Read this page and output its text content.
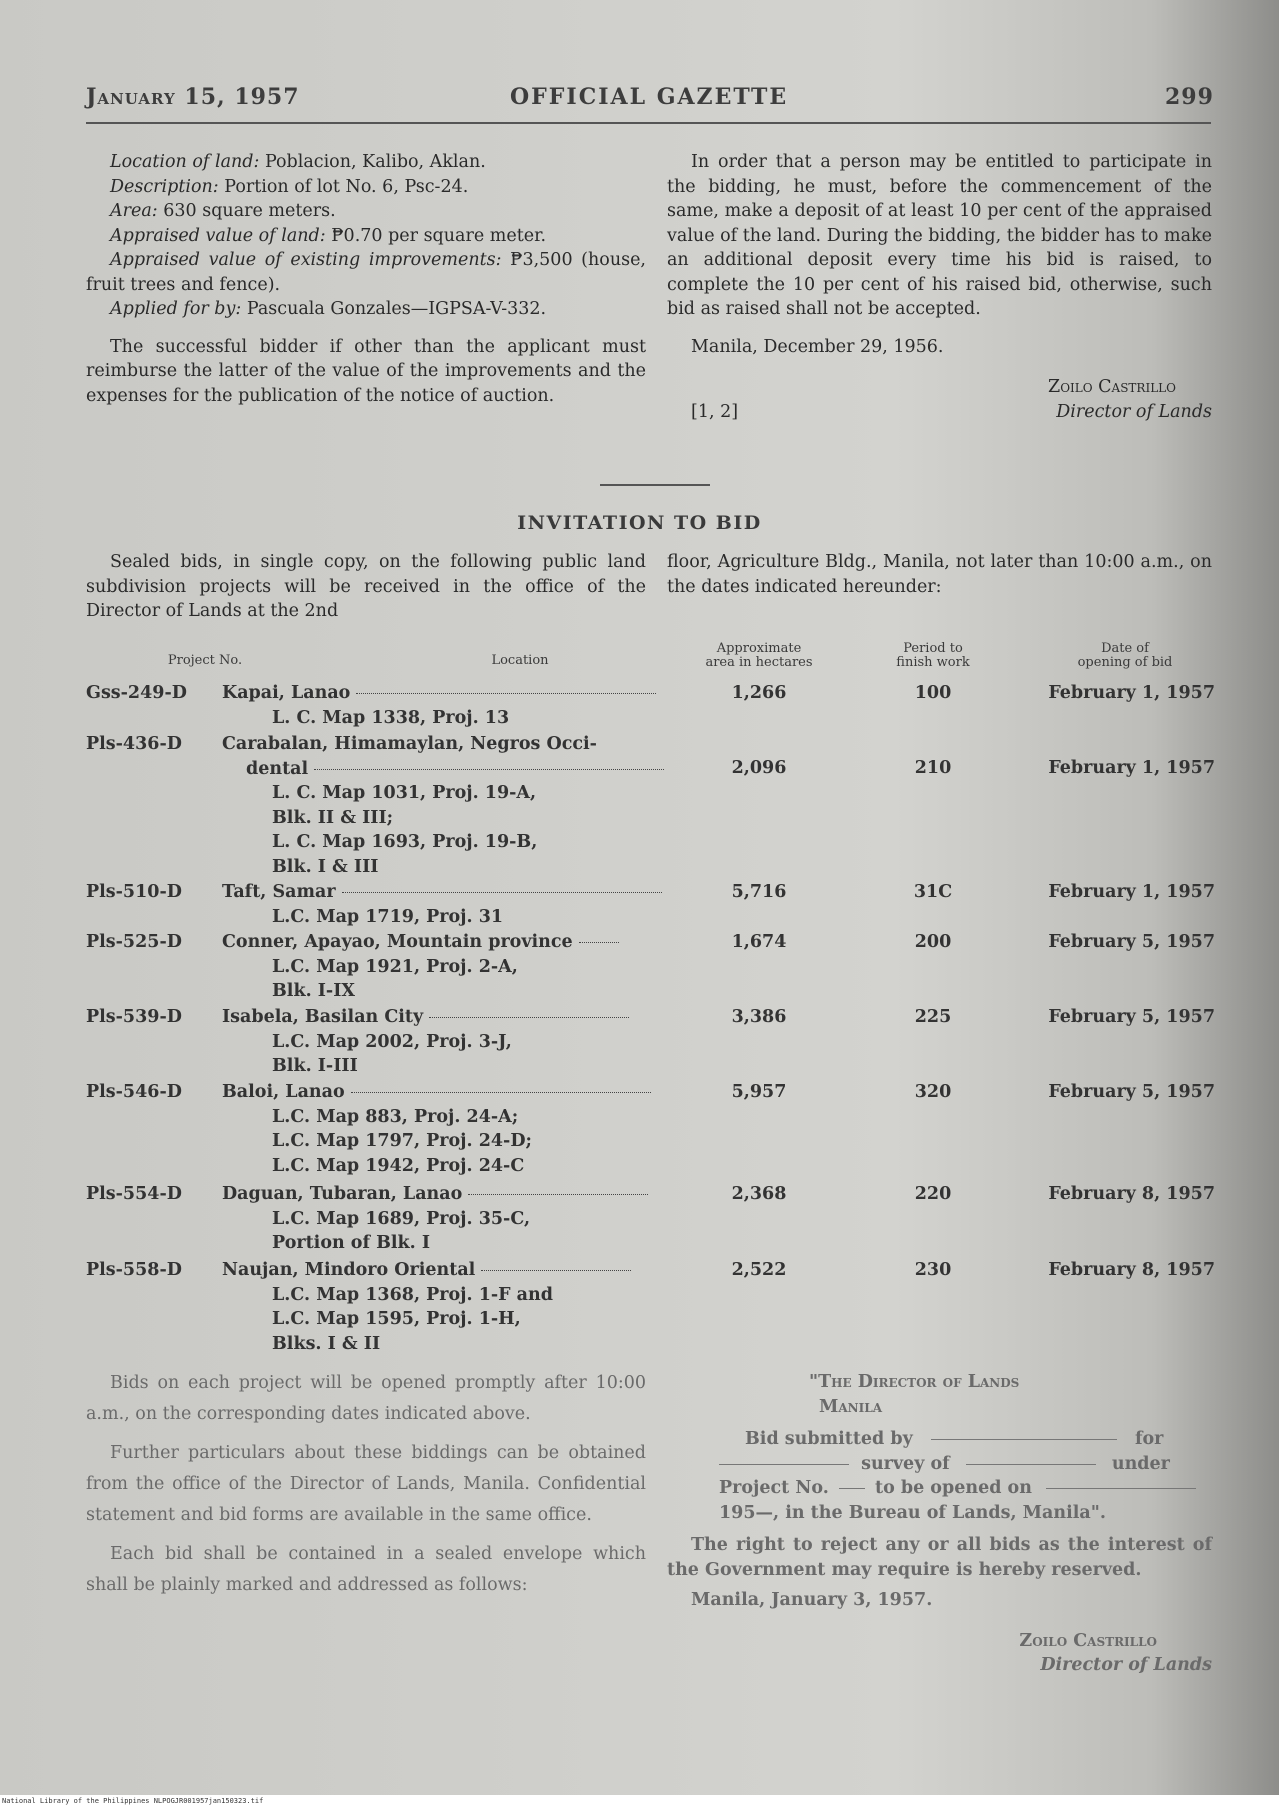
January 15, 1957	OFFICIAL GAZETTE	299

Location of land: Poblacion, Kalibo, Aklan.

Description: Portion of lot No. 6, Psc-24.

Area: 630 square meters.

Appraised value of land: ₱0.70 per square meter.

Appraised value of existing improvements: ₱3,500 (house, fruit trees and fence).

Applied for by: Pascuala Gonzales—IGPSA-V-332.

The successful bidder if other than the applicant must reimburse the latter of the value of the improvements and the expenses for the publication of the notice of auction.

In order that a person may be entitled to participate in the bidding, he must, before the commencement of the same, make a deposit of at least 10 per cent of the appraised value of the land. During the bidding, the bidder has to make an additional deposit every time his bid is raised, to complete the 10 per cent of his raised bid, otherwise, such bid as raised shall not be accepted.

Manila, December 29, 1956.

Zoilo Castrillo

[1, 2]	Director of Lands
INVITATION TO BID
Sealed bids, in single copy, on the following public land subdivision projects will be received in the office of the Director of Lands at the 2nd
floor, Agriculture Bldg., Manila, not later than 10:00 a.m., on the dates indicated hereunder:
Project No.	Location
Approximate
area in hectares
Period to
finish work
Date of
opening of bid
Gss-249-D	Kapai, Lanao
L. C. Map 1338, Proj. 13
1,266	100	February 1, 1957
Pls-436-D	Carabalan, Himamaylan, Negros Occi-
dental
L. C. Map 1031, Proj. 19-A,
Blk. II & III;
L. C. Map 1693, Proj. 19-B,
Blk. I & III
2,096	210	February 1, 1957
Pls-510-D	Taft, Samar
L.C. Map 1719, Proj. 31
5,716	31C	February 1, 1957
Pls-525-D	Conner, Apayao, Mountain province
L.C. Map 1921, Proj. 2-A,
Blk. I-IX
1,674	200	February 5, 1957
Pls-539-D	Isabela, Basilan City
L.C. Map 2002, Proj. 3-J,
Blk. I-III
3,386	225	February 5, 1957
Pls-546-D	Baloi, Lanao
L.C. Map 883, Proj. 24-A;
L.C. Map 1797, Proj. 24-D;
L.C. Map 1942, Proj. 24-C
5,957	320	February 5, 1957
Pls-554-D	Daguan, Tubaran, Lanao
L.C. Map 1689, Proj. 35-C,
Portion of Blk. I
2,368	220	February 8, 1957
Pls-558-D	Naujan, Mindoro Oriental
L.C. Map 1368, Proj. 1-F and
L.C. Map 1595, Proj. 1-H,
Blks. I & II
2,522	230	February 8, 1957

Bids on each project will be opened promptly after 10:00 a.m., on the corresponding dates indicated above.

Further particulars about these biddings can be obtained from the office of the Director of Lands, Manila. Confidential statement and bid forms are available in the same office.

Each bid shall be contained in a sealed envelope which shall be plainly marked and addressed as follows:

"The Director of Lands

Manila

Bid submitted by	for

survey of	under

Project No.	to be opened on

195—, in the Bureau of Lands, Manila".

The right to reject any or all bids as the interest of the Government may require is hereby reserved.

Manila, January 3, 1957.

Zoilo Castrillo

Director of Lands

National Library of the Philippines NLPOGJR001957jan150323.tif
